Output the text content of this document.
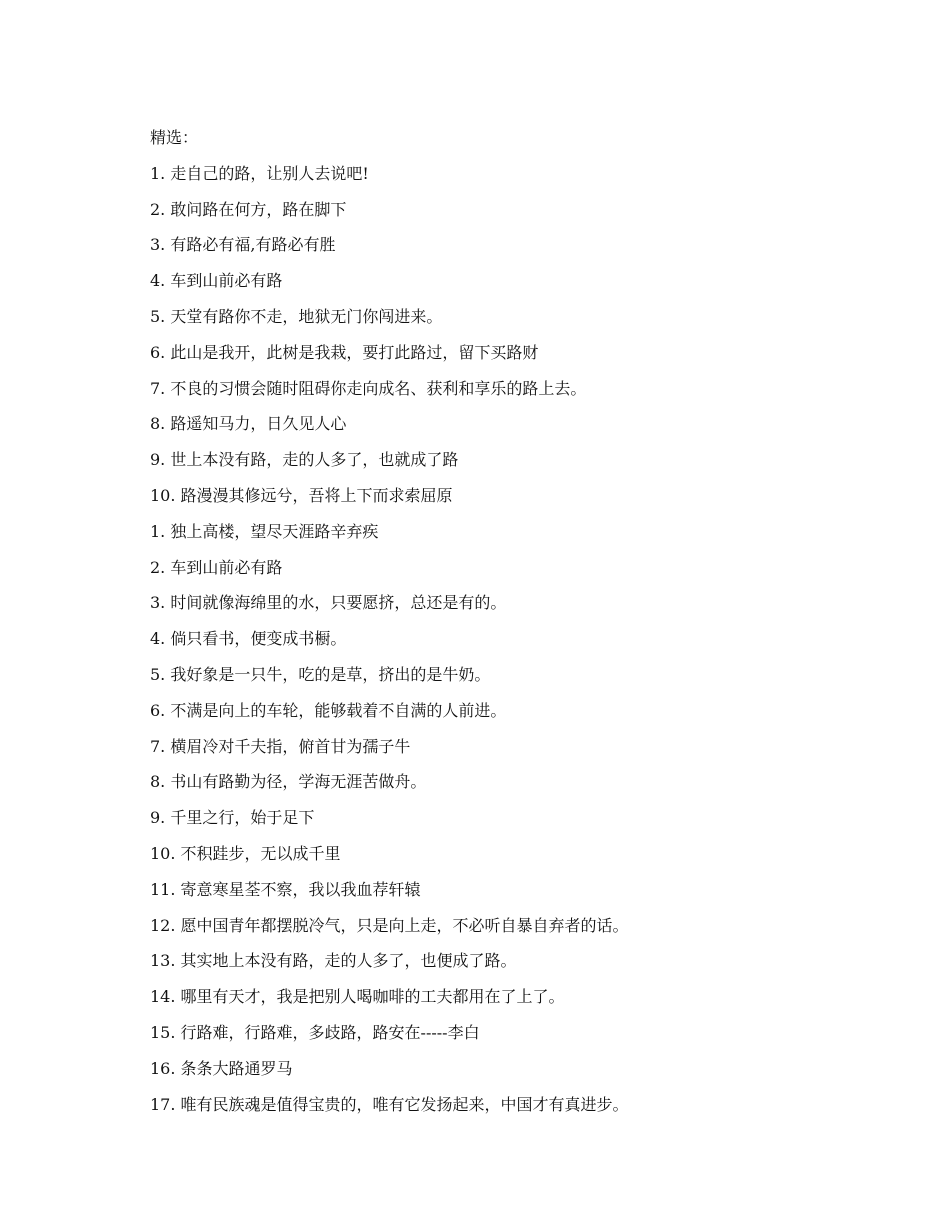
精选：
1. 走自己的路，让别人去说吧!
2. 敢问路在何方，路在脚下
3. 有路必有福,有路必有胜
4. 车到山前必有路
5. 天堂有路你不走，地狱无门你闯进来。
6. 此山是我开，此树是我栽，要打此路过，留下买路财
7. 不良的习惯会随时阻碍你走向成名、获利和享乐的路上去。
8. 路遥知马力，日久见人心
9. 世上本没有路，走的人多了，也就成了路
10. 路漫漫其修远兮，吾将上下而求索屈原
1. 独上高楼，望尽天涯路辛弃疾
2. 车到山前必有路
3. 时间就像海绵里的水，只要愿挤，总还是有的。
4. 倘只看书，便变成书橱。
5. 我好象是一只牛，吃的是草，挤出的是牛奶。
6. 不满是向上的车轮，能够载着不自满的人前进。
7. 横眉冷对千夫指，俯首甘为孺子牛
8. 书山有路勤为径，学海无涯苦做舟。
9. 千里之行，始于足下
10. 不积跬步，无以成千里
11. 寄意寒星荃不察，我以我血荐轩辕
12. 愿中国青年都摆脱冷气，只是向上走，不必听自暴自弃者的话。
13. 其实地上本没有路，走的人多了，也便成了路。
14. 哪里有天才，我是把别人喝咖啡的工夫都用在了上了。
15. 行路难，行路难，多歧路，路安在-----李白
16. 条条大路通罗马
17. 唯有民族魂是值得宝贵的，唯有它发扬起来，中国才有真进步。
